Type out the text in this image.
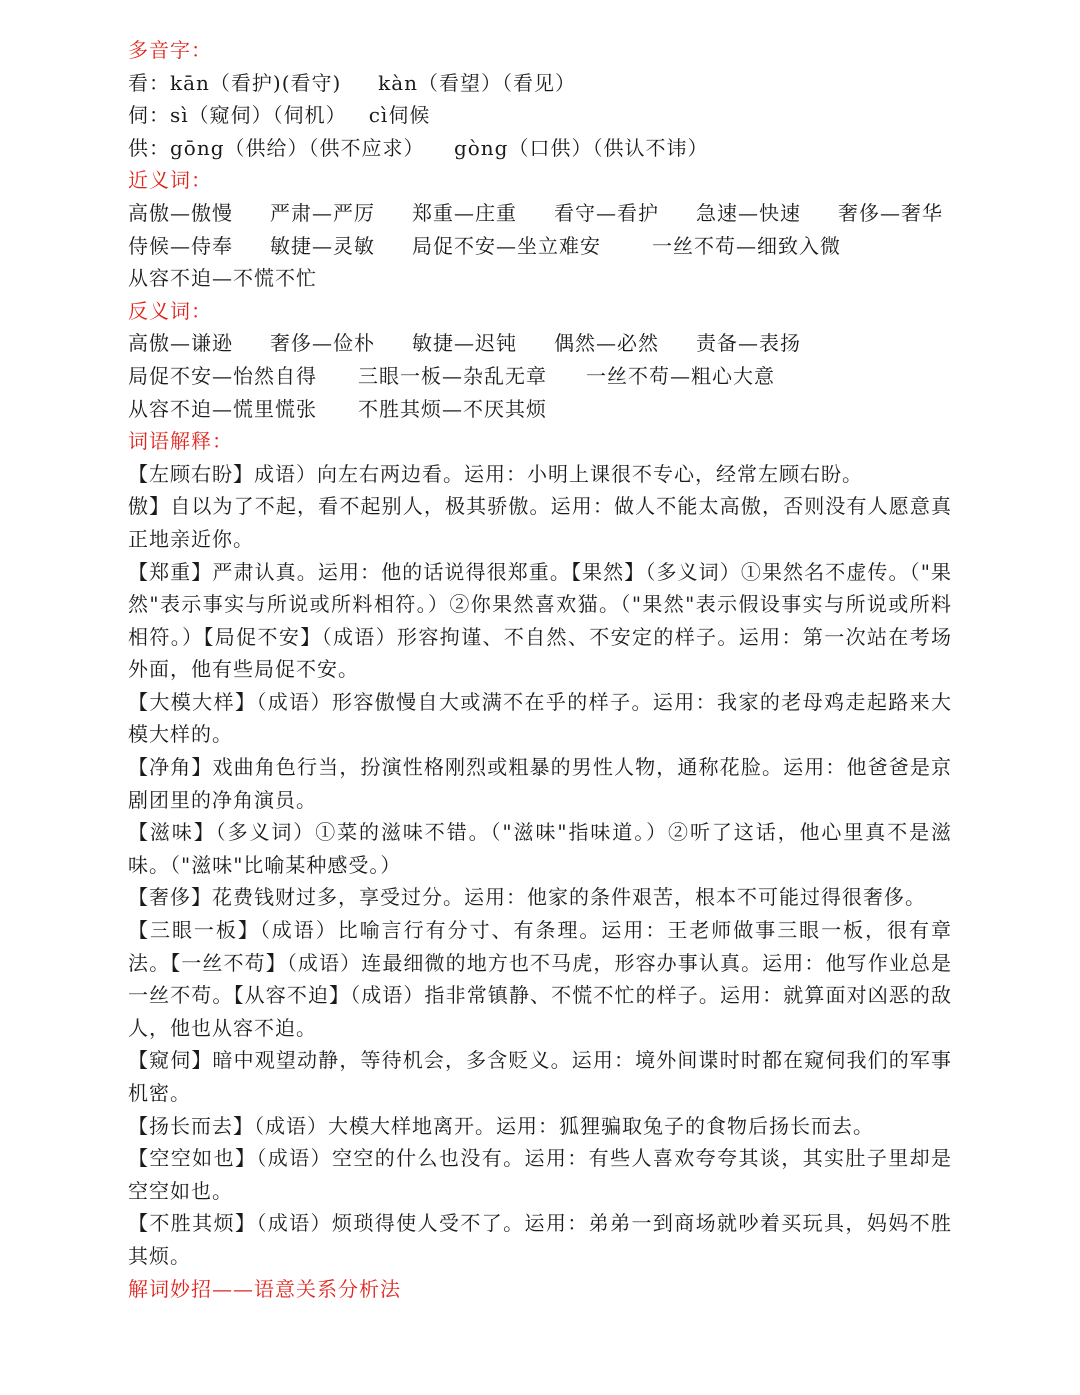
多音字：
看：kān（看护)(看守)     kàn（看望）（看见）
伺：sì（窥伺）（伺机）   cì伺候
供：gōng（供给）（供不应求）    gòng（口供）（供认不讳）
近义词：
高傲—傲慢	严肃—严厉	郑重—庄重	看守—看护	急速—快速	奢侈—奢华
侍候—侍奉	敏捷—灵敏	局促不安—坐立难安	一丝不苟—细致入微
从容不迫—不慌不忙
反义词：
高傲—谦逊	奢侈—俭朴	敏捷—迟钝	偶然—必然	责备—表扬
局促不安—怡然自得	三眼一板—杂乱无章	一丝不苟—粗心大意
从容不迫—慌里慌张	不胜其烦—不厌其烦
词语解释：
【左顾右盼】成语）向左右两边看。运用：小明上课很不专心，经常左顾右盼。
傲】自以为了不起，看不起别人，极其骄傲。运用：做人不能太高傲，否则没有人愿意真正地亲近你。
【郑重】严肃认真。运用：他的话说得很郑重。【果然】（多义词）①果然名不虚传。（"果然"表示事实与所说或所料相符。）②你果然喜欢猫。（"果然"表示假设事实与所说或所料相符。）【局促不安】（成语）形容拘谨、不自然、不安定的样子。运用：第一次站在考场外面，他有些局促不安。
【大模大样】（成语）形容傲慢自大或满不在乎的样子。运用：我家的老母鸡走起路来大模大样的。
【净角】戏曲角色行当，扮演性格刚烈或粗暴的男性人物，通称花脸。运用：他爸爸是京剧团里的净角演员。
【滋味】（多义词）①菜的滋味不错。（"滋味"指味道。）②听了这话，他心里真不是滋味。（"滋味"比喻某种感受。）
【奢侈】花费钱财过多，享受过分。运用：他家的条件艰苦，根本不可能过得很奢侈。
【三眼一板】（成语）比喻言行有分寸、有条理。运用：王老师做事三眼一板，很有章法。【一丝不苟】（成语）连最细微的地方也不马虎，形容办事认真。运用：他写作业总是一丝不苟。【从容不迫】（成语）指非常镇静、不慌不忙的样子。运用：就算面对凶恶的敌人，他也从容不迫。
【窥伺】暗中观望动静，等待机会，多含贬义。运用：境外间谍时时都在窥伺我们的军事机密。
【扬长而去】（成语）大模大样地离开。运用：狐狸骗取兔子的食物后扬长而去。
【空空如也】（成语）空空的什么也没有。运用：有些人喜欢夸夸其谈，其实肚子里却是空空如也。
【不胜其烦】（成语）烦琐得使人受不了。运用：弟弟一到商场就吵着买玩具，妈妈不胜其烦。
解词妙招——语意关系分析法
